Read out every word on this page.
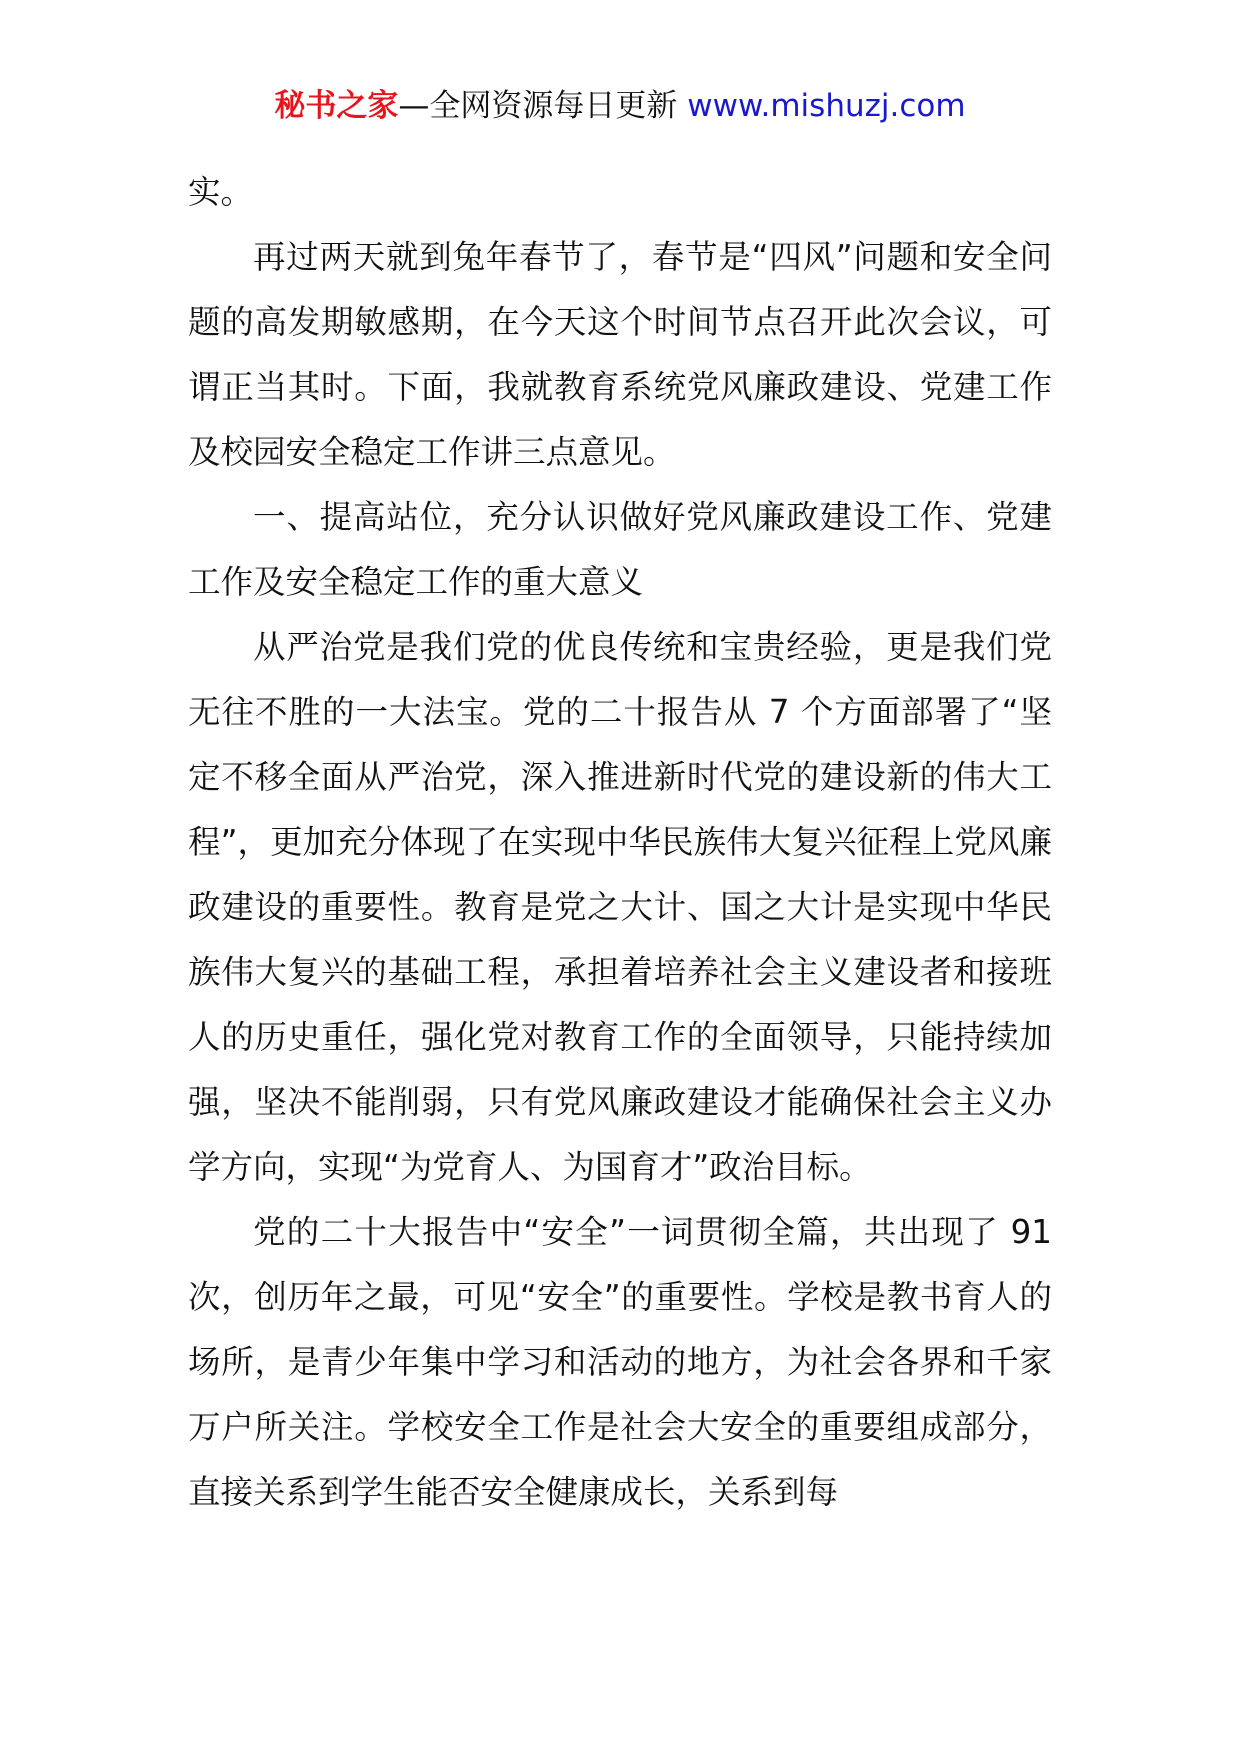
秘书之家—全网资源每日更新 www.mishuzj.com

实。

再过两天就到兔年春节了，春节是“四风”问题和安全问题的高发期敏感期，在今天这个时间节点召开此次会议，可谓正当其时。下面，我就教育系统党风廉政建设、党建工作及校园安全稳定工作讲三点意见。

一、提高站位，充分认识做好党风廉政建设工作、党建工作及安全稳定工作的重大意义

从严治党是我们党的优良传统和宝贵经验，更是我们党无往不胜的一大法宝。党的二十报告从 7 个方面部署了“坚定不移全面从严治党，深入推进新时代党的建设新的伟大工程”，更加充分体现了在实现中华民族伟大复兴征程上党风廉政建设的重要性。教育是党之大计、国之大计是实现中华民族伟大复兴的基础工程，承担着培养社会主义建设者和接班人的历史重任，强化党对教育工作的全面领导，只能持续加强，坚决不能削弱，只有党风廉政建设才能确保社会主义办学方向，实现“为党育人、为国育才”政治目标。

党的二十大报告中“安全”一词贯彻全篇，共出现了 91 次，创历年之最，可见“安全”的重要性。学校是教书育人的场所，是青少年集中学习和活动的地方，为社会各界和千家万户所关注。学校安全工作是社会大安全的重要组成部分，直接关系到学生能否安全健康成长，关系到每
